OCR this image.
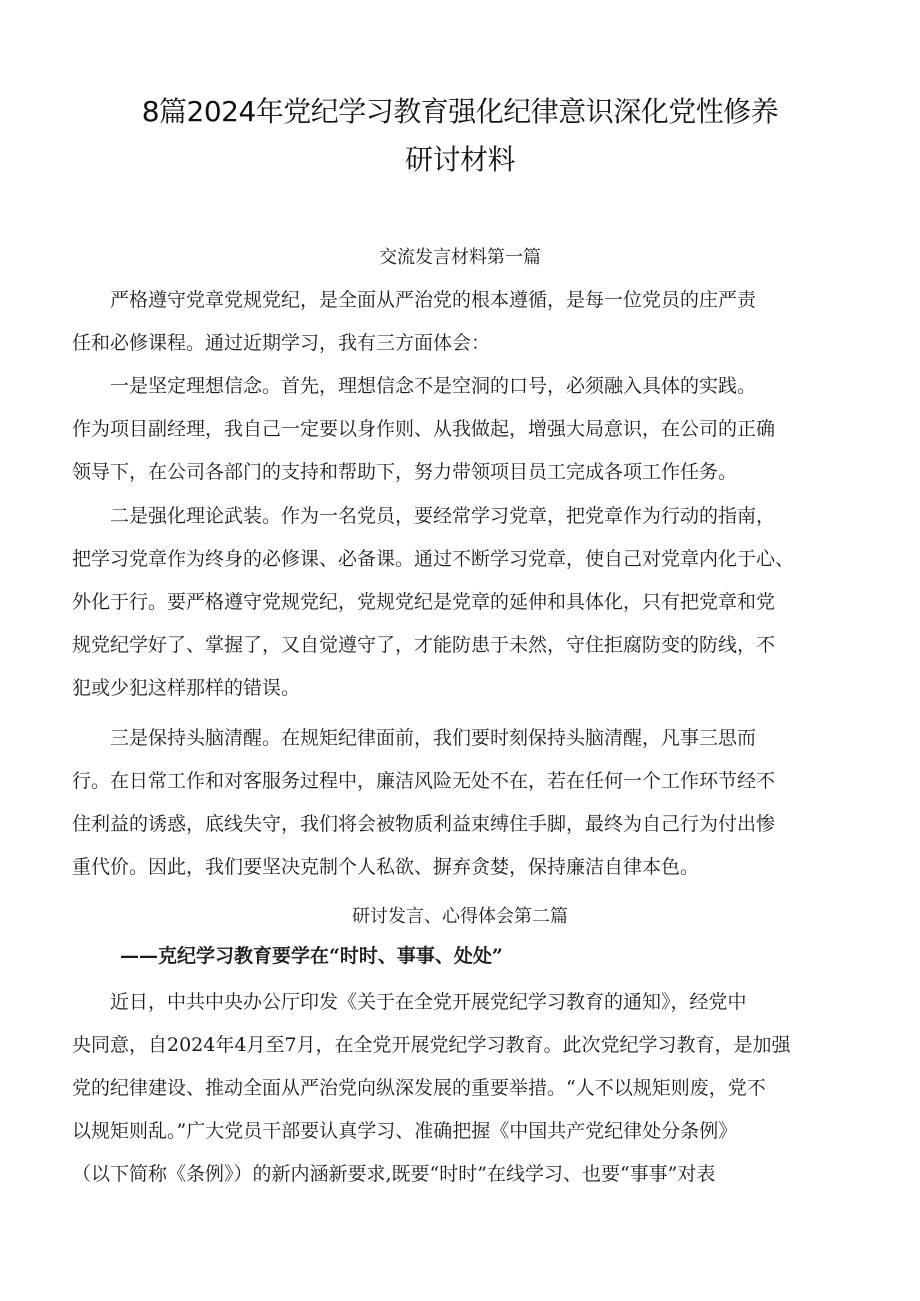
8篇2024年党纪学习教育强化纪律意识深化党性修养
研讨材料
交流发言材料第一篇
严格遵守党章党规党纪，是全面从严治党的根本遵循，是每一位党员的庄严责
任和必修课程。通过近期学习，我有三方面体会：
一是坚定理想信念。首先，理想信念不是空洞的口号，必须融入具体的实践。
作为项目副经理，我自己一定要以身作则、从我做起，增强大局意识，在公司的正确
领导下，在公司各部门的支持和帮助下，努力带领项目员工完成各项工作任务。
二是强化理论武装。作为一名党员，要经常学习党章，把党章作为行动的指南，
把学习党章作为终身的必修课、必备课。通过不断学习党章，使自己对党章内化于心、
外化于行。要严格遵守党规党纪，党规党纪是党章的延伸和具体化，只有把党章和党
规党纪学好了、掌握了，又自觉遵守了，才能防患于未然，守住拒腐防变的防线，不
犯或少犯这样那样的错误。
三是保持头脑清醒。在规矩纪律面前，我们要时刻保持头脑清醒，凡事三思而
行。在日常工作和对客服务过程中，廉洁风险无处不在，若在任何一个工作环节经不
住利益的诱惑，底线失守，我们将会被物质利益束缚住手脚，最终为自己行为付出惨
重代价。因此，我们要坚决克制个人私欲、摒弃贪婪，保持廉洁自律本色。
研讨发言、心得体会第二篇

——克纪学习教育要学在“时时、事事、处处”

近日，中共中央办公厅印发《关于在全党开展党纪学习教育的通知》，经党中
央同意，自2024年4月至7月，在全党开展党纪学习教育。此次党纪学习教育，是加强
党的纪律建设、推动全面从严治党向纵深发展的重要举措。“人不以规矩则废，党不
以规矩则乱。”广大党员干部要认真学习、准确把握《中国共产党纪律处分条例》
（以下简称《条例》）的新内涵新要求,既要“时时”在线学习、也要“事事”对表
